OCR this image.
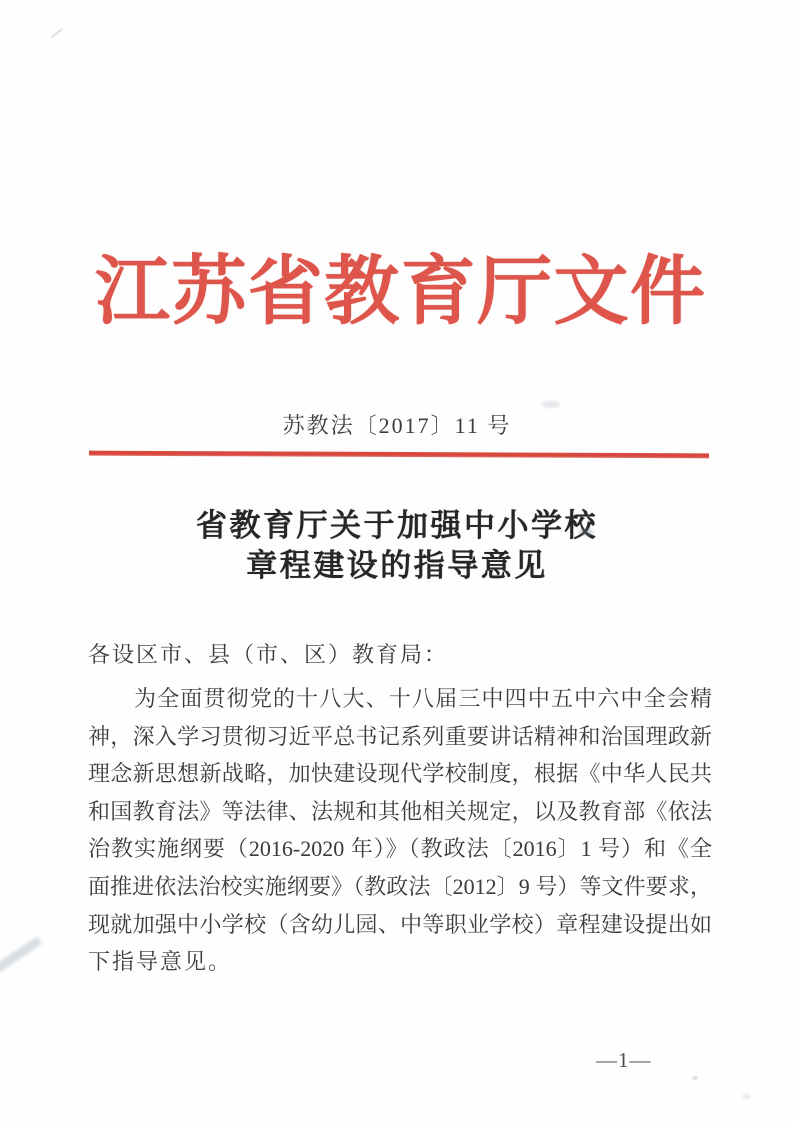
江苏省教育厅文件
苏教法〔2017〕11 号
省教育厅关于加强中小学校
章程建设的指导意见
各设区市、县（市、区）教育局：
为全面贯彻党的十八大、十八届三中四中五中六中全会精
神，深入学习贯彻习近平总书记系列重要讲话精神和治国理政新
理念新思想新战略，加快建设现代学校制度，根据《中华人民共
和国教育法》等法律、法规和其他相关规定，以及教育部《依法
治教实施纲要（2016-2020 年）》（教政法〔2016〕1 号）和《全
面推进依法治校实施纲要》（教政法〔2012〕9 号）等文件要求，
现就加强中小学校（含幼儿园、中等职业学校）章程建设提出如
下指导意见。
—1—
